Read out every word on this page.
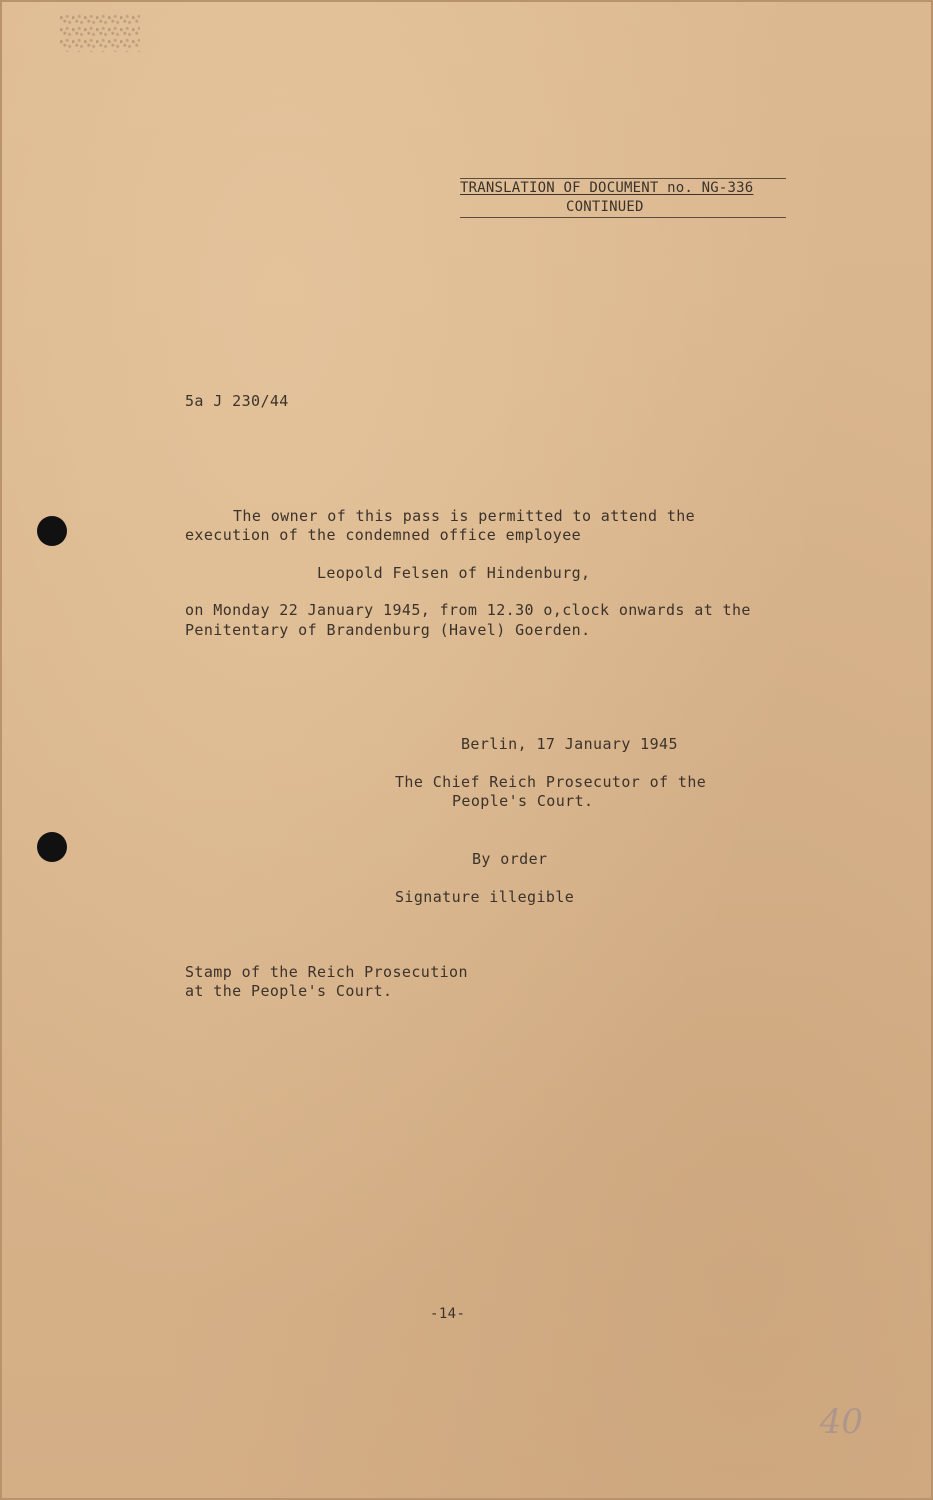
TRANSLATION OF DOCUMENT no. NG-336
CONTINUED
5a J 230/44
The owner of this pass is permitted to attend the
execution of the condemned office employee
Leopold Felsen of Hindenburg,
on Monday 22 January 1945, from 12.30 o,clock onwards at the
Penitentary of Brandenburg (Havel) Goerden.
Berlin, 17 January 1945
The Chief Reich Prosecutor of the
People's Court.
By order
Signature illegible
Stamp of the Reich Prosecution
at the People's Court.
-14-
40
